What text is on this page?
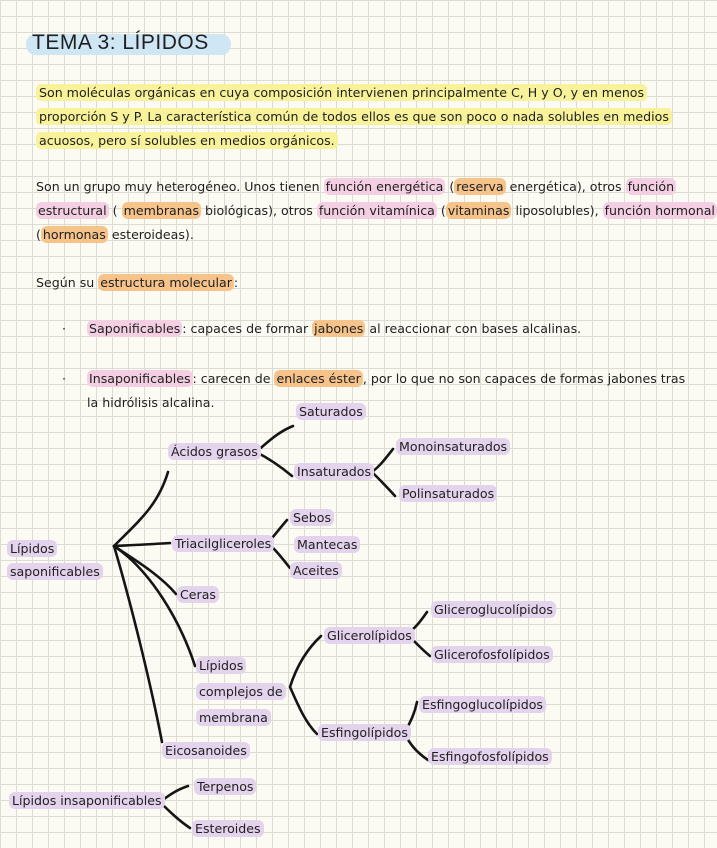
TEMA 3: LÍPIDOS
Son moléculas orgánicas en cuya composición intervienen principalmente C, H y O, y en menos
proporción S y P. La característica común de todos ellos es que son poco o nada solubles en medios
acuosos, pero sí solubles en medios orgánicos.
Son un grupo muy heterogéneo. Unos tienen función energética ( reserva energética), otros función
estructural ( membranas biológicas), otros función vitamínica ( vitaminas liposolubles), función hormonal
( hormonas esteroideas).
Según su estructura molecular :
· Saponificables : capaces de formar jabones al reaccionar con bases alcalinas.
· Insaponificables : carecen de enlaces éster , por lo que no son capaces de formas jabones tras
la hidrólisis alcalina.
Lípidos
saponificables
Ácidos grasos
Saturados
Insaturados
Monoinsaturados
Polinsaturados
Triacilgliceroles
Sebos
Mantecas
Aceites
Ceras
Lípidos
complejos de
membrana
Glicerolípidos
Gliceroglucolípidos
Glicerofosfolípidos
Esfingolípidos
Esfingoglucolípidos
Esfingofosfolípidos
Eicosanoides
Lípidos insaponificables
Terpenos
Esteroides
